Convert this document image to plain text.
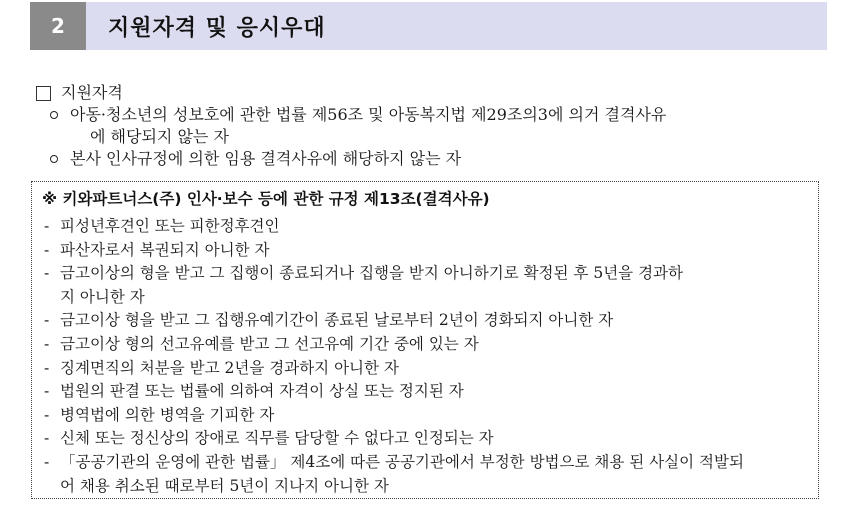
2	지원자격 및 응시우대
지원자격
아동·청소년의 성보호에 관한 법률 제56조 및 아동복지법 제29조의3에 의거 결격사유
에 해당되지 않는 자
본사 인사규정에 의한 임용 결격사유에 해당하지 않는 자
※ 키와파트너스(주) 인사·보수 등에 관한 규정 제13조(결격사유)
- 피성년후견인 또는 피한정후견인
- 파산자로서 복권되지 아니한 자
- 금고이상의 형을 받고 그 집행이 종료되거나 집행을 받지 아니하기로 확정된 후 5년을 경과하
지 아니한 자
- 금고이상 형을 받고 그 집행유예기간이 종료된 날로부터 2년이 경화되지 아니한 자
- 금고이상 형의 선고유예를 받고 그 선고유예 기간 중에 있는 자
- 징계면직의 처분을 받고 2년을 경과하지 아니한 자
- 법원의 판결 또는 법률에 의하여 자격이 상실 또는 정지된 자
- 병역법에 의한 병역을 기피한 자
- 신체 또는 정신상의 장애로 직무를 담당할 수 없다고 인정되는 자
- 「공공기관의 운영에 관한 법률」 제4조에 따른 공공기관에서 부정한 방법으로 채용 된 사실이 적발되
어 채용 취소된 때로부터 5년이 지나지 아니한 자
